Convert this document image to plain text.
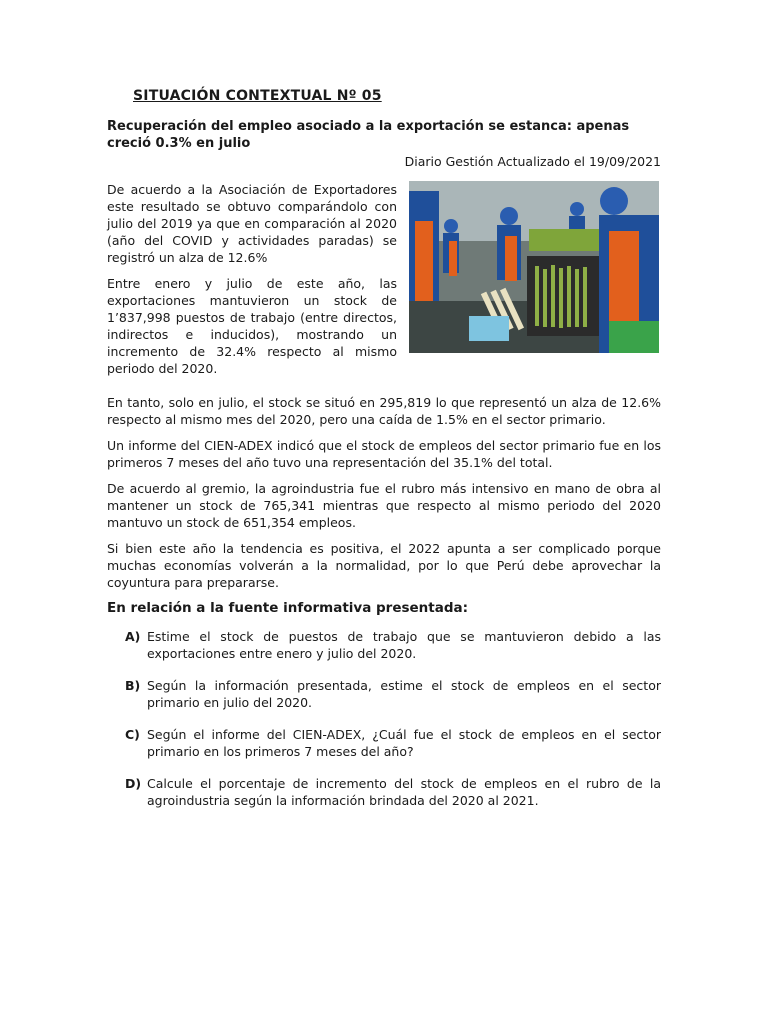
SITUACIÓN CONTEXTUAL Nº 05
Recuperación del empleo asociado a la exportación se estanca: apenas creció 0.3% en julio
Diario Gestión Actualizado el 19/09/2021

De acuerdo a la Asociación de Exportadores este resultado se obtuvo comparándolo con julio del 2019 ya que en comparación al 2020 (año del COVID y actividades paradas) se registró un alza de 12.6%

Entre enero y julio de este año, las exportaciones mantuvieron un stock de 1’837,998 puestos de trabajo (entre directos, indirectos e inducidos), mostrando un incremento de 32.4% respecto al mismo periodo del 2020.

En tanto, solo en julio, el stock se situó en 295,819 lo que representó un alza de 12.6% respecto al mismo mes del 2020, pero una caída de 1.5% en el sector primario.

Un informe del CIEN-ADEX indicó que el stock de empleos del sector primario fue en los primeros 7 meses del año tuvo una representación del 35.1% del total.

De acuerdo al gremio, la agroindustria fue el rubro más intensivo en mano de obra al mantener un stock de 765,341 mientras que respecto al mismo periodo del 2020 mantuvo un stock de 651,354 empleos.

Si bien este año la tendencia es positiva, el 2022 apunta a ser complicado porque muchas economías volverán a la normalidad, por lo que Perú debe aprovechar la coyuntura para prepararse.

En relación a la fuente informativa presentada:
A) Estime el stock de puestos de trabajo que se mantuvieron debido a las exportaciones entre enero y julio del 2020.
B) Según la información presentada, estime el stock de empleos en el sector primario en julio del 2020.
C) Según el informe del CIEN-ADEX, ¿Cuál fue el stock de empleos en el sector primario en los primeros 7 meses del año?
D) Calcule el porcentaje de incremento del stock de empleos en el rubro de la agroindustria según la información brindada del 2020 al 2021.
